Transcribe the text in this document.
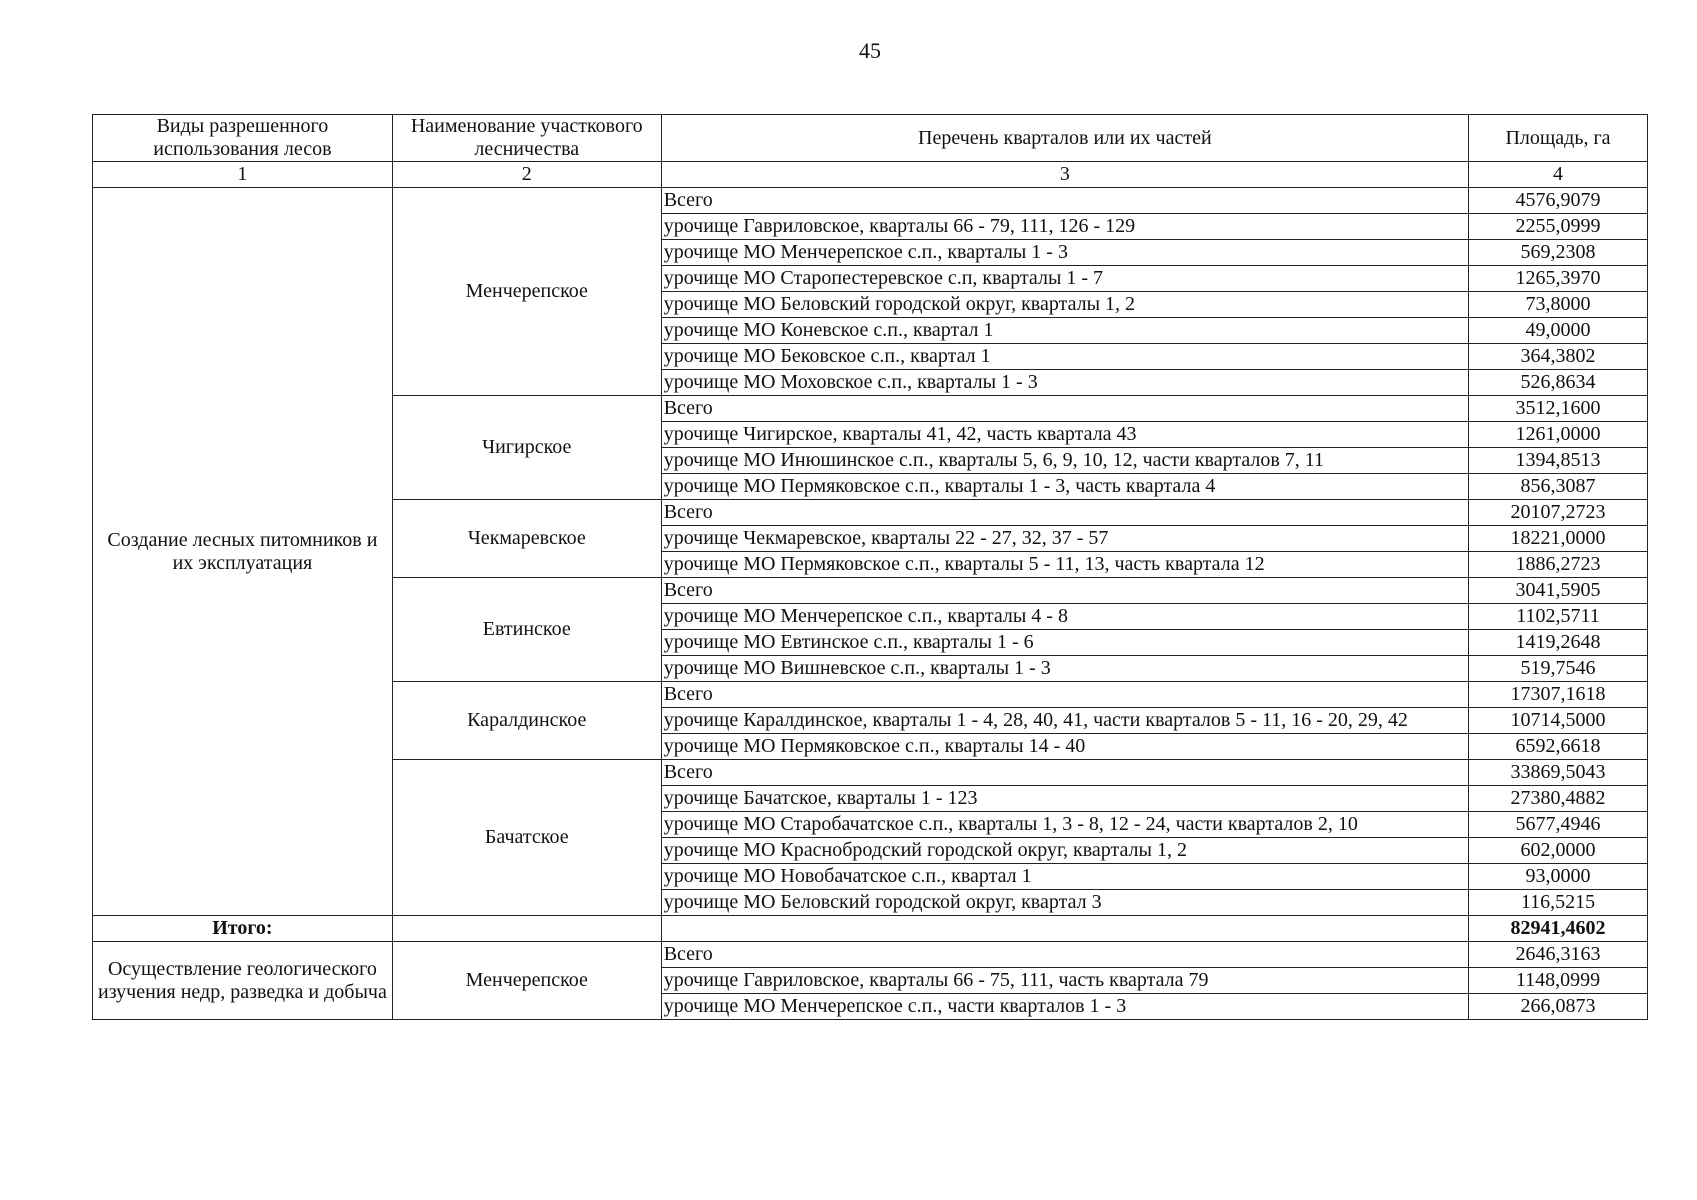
45
Виды разрешенного использования лесов	Наименование участкового лесничества	Перечень кварталов или их частей	Площадь, га
1	2	3	4
Создание лесных питомников и их эксплуатация	Менчерепское	Всего	4576,9079
		урочище Гавриловское, кварталы 66 - 79, 111, 126 - 129	2255,0999
		урочище МО Менчерепское с.п., кварталы 1 - 3	569,2308
		урочище МО Старопестеревское с.п, кварталы 1 - 7	1265,3970
		урочище МО Беловский городской округ, кварталы 1, 2	73,8000
		урочище МО Коневское с.п., квартал 1	49,0000
		урочище МО Бековское с.п., квартал 1	364,3802
		урочище МО Моховское с.п., кварталы 1 - 3	526,8634
	Чигирское	Всего	3512,1600
		урочище Чигирское, кварталы 41, 42, часть квартала 43	1261,0000
		урочище МО Инюшинское с.п., кварталы 5, 6, 9, 10, 12, части кварталов 7, 11	1394,8513
		урочище МО Пермяковское с.п., кварталы 1 - 3, часть квартала 4	856,3087
	Чекмаревское	Всего	20107,2723
		урочище Чекмаревское, кварталы 22 - 27, 32, 37 - 57	18221,0000
		урочище МО Пермяковское с.п., кварталы 5 - 11, 13, часть квартала 12	1886,2723
	Евтинское	Всего	3041,5905
		урочище МО Менчерепское с.п., кварталы 4 - 8	1102,5711
		урочище МО Евтинское с.п., кварталы 1 - 6	1419,2648
		урочище МО Вишневское с.п., кварталы 1 - 3	519,7546
	Каралдинское	Всего	17307,1618
		урочище Каралдинское, кварталы 1 - 4, 28, 40, 41, части кварталов 5 - 11, 16 - 20, 29, 42	10714,5000
		урочище МО Пермяковское с.п., кварталы 14 - 40	6592,6618
	Бачатское	Всего	33869,5043
		урочище Бачатское, кварталы 1 - 123	27380,4882
		урочище МО Старобачатское с.п., кварталы 1, 3 - 8, 12 - 24, части кварталов 2, 10	5677,4946
		урочище МО Краснобродский городской округ, кварталы 1, 2	602,0000
		урочище МО Новобачатское с.п., квартал 1	93,0000
		урочище МО Беловский городской округ, квартал 3	116,5215
Итого:			82941,4602
Осуществление геологического изучения недр, разведка и добыча	Менчерепское	Всего	2646,3163
		урочище Гавриловское, кварталы 66 - 75, 111, часть квартала 79	1148,0999
		урочище МО Менчерепское с.п., части кварталов 1 - 3	266,0873
